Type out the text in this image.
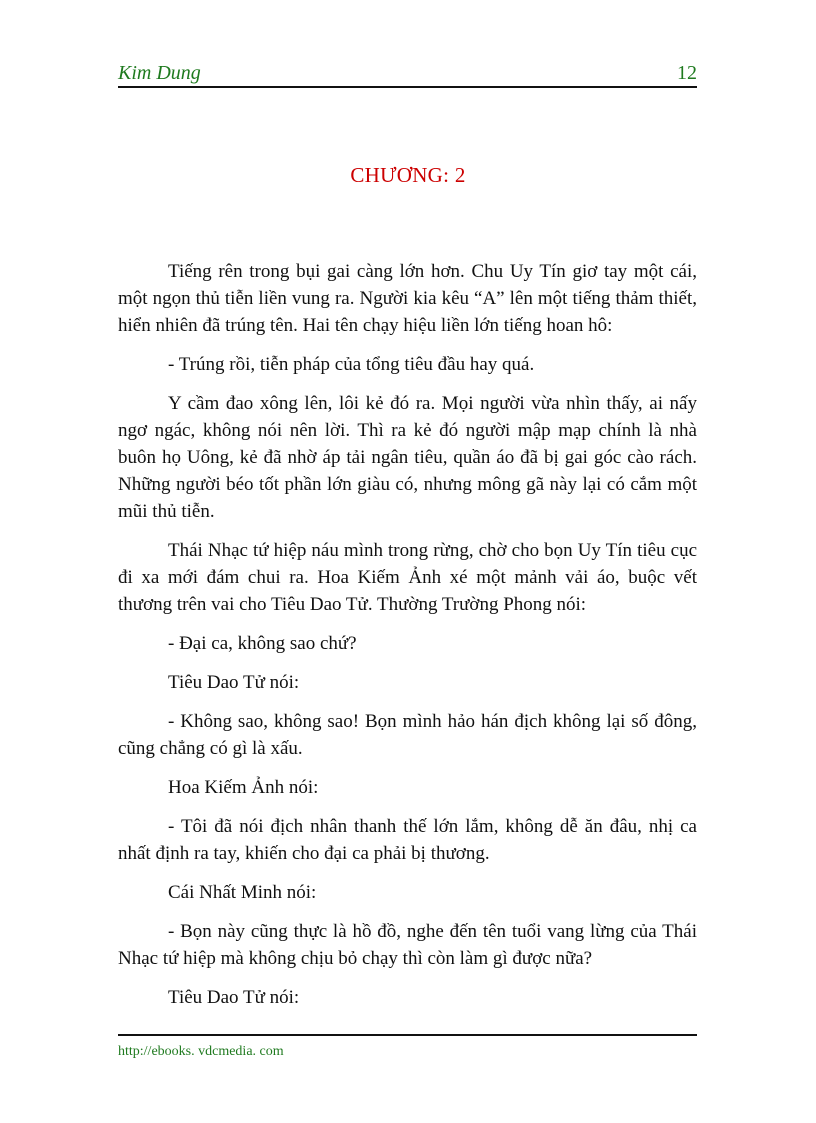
Kim Dung	12
CHƯƠNG: 2

Tiếng rên trong bụi gai càng lớn hơn. Chu Uy Tín giơ tay một cái, một ngọn thủ tiễn liền vung ra. Người kia kêu “A” lên một tiếng thảm thiết, hiển nhiên đã trúng tên. Hai tên chạy hiệu liền lớn tiếng hoan hô:

- Trúng rồi, tiễn pháp của tổng tiêu đầu hay quá.

Y cầm đao xông lên, lôi kẻ đó ra. Mọi người vừa nhìn thấy, ai nấy ngơ ngác, không nói nên lời. Thì ra kẻ đó người mập mạp chính là nhà buôn họ Uông, kẻ đã nhờ áp tải ngân tiêu, quần áo đã bị gai góc cào rách. Những người béo tốt phần lớn giàu có, nhưng mông gã này lại có cắm một mũi thủ tiễn.

Thái Nhạc tứ hiệp náu mình trong rừng, chờ cho bọn Uy Tín tiêu cục đi xa mới đám chui ra. Hoa Kiếm Ảnh xé một mảnh vải áo, buộc vết thương trên vai cho Tiêu Dao Tử. Thường Trường Phong nói:

- Đại ca, không sao chứ?

Tiêu Dao Tử nói:

- Không sao, không sao! Bọn mình hảo hán địch không lại số đông, cũng chẳng có gì là xấu.

Hoa Kiếm Ảnh nói:

- Tôi đã nói địch nhân thanh thế lớn lắm, không dễ ăn đâu, nhị ca nhất định ra tay, khiến cho đại ca phải bị thương.

Cái Nhất Minh nói:

- Bọn này cũng thực là hồ đồ, nghe đến tên tuổi vang lừng của Thái Nhạc tứ hiệp mà không chịu bỏ chạy thì còn làm gì được nữa?

Tiêu Dao Tử nói:

http://ebooks. vdcmedia. com
